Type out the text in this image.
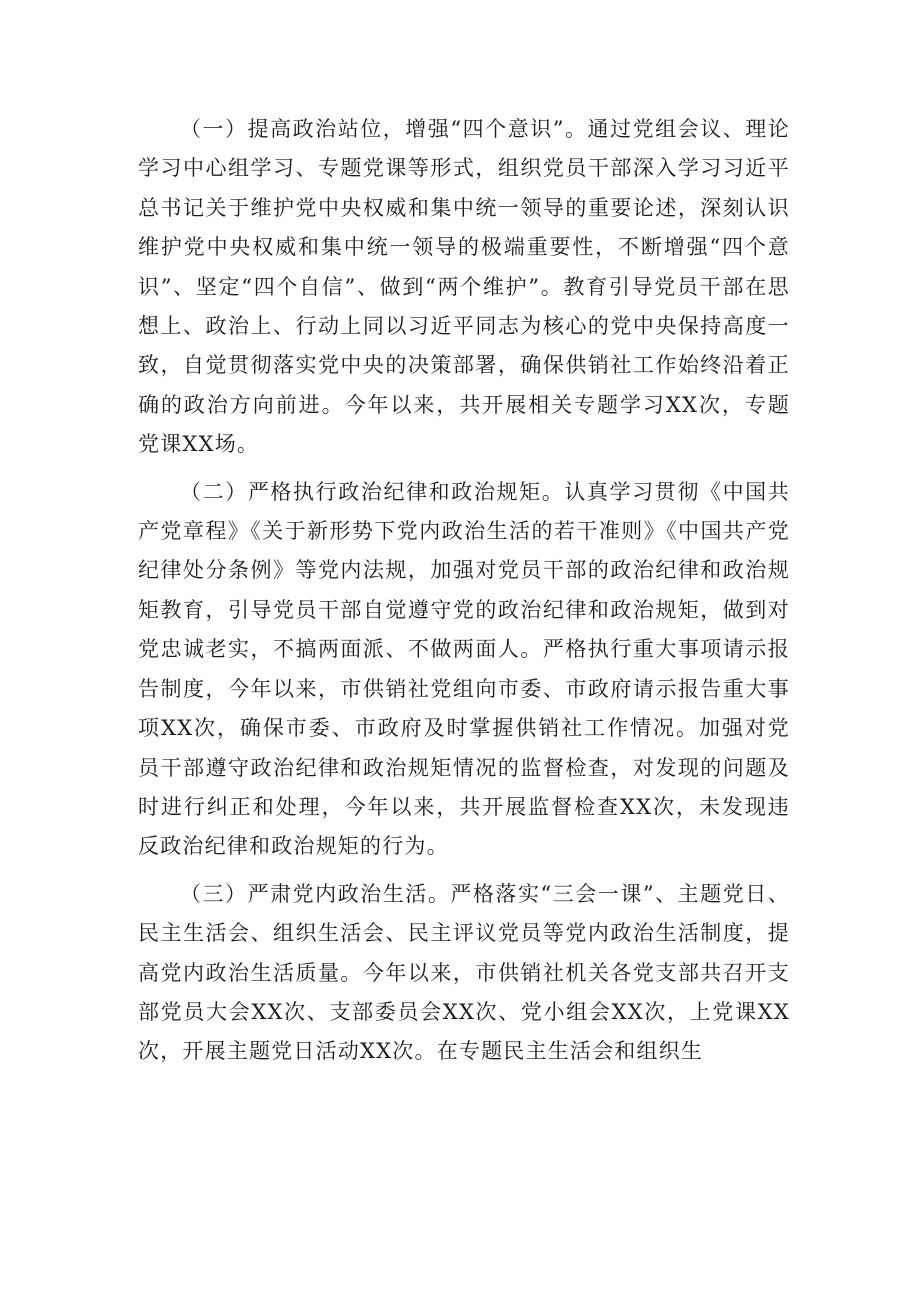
（一）提高政治站位，增强“四个意识”。通过党组会议、理论学习中心组学习、专题党课等形式，组织党员干部深入学习习近平总书记关于维护党中央权威和集中统一领导的重要论述，深刻认识维护党中央权威和集中统一领导的极端重要性，不断增强“四个意识”、坚定“四个自信”、做到“两个维护”。教育引导党员干部在思想上、政治上、行动上同以习近平同志为核心的党中央保持高度一致，自觉贯彻落实党中央的决策部署，确保供销社工作始终沿着正确的政治方向前进。今年以来，共开展相关专题学习XX次，专题党课XX场。

（二）严格执行政治纪律和政治规矩。认真学习贯彻《中国共产党章程》《关于新形势下党内政治生活的若干准则》《中国共产党纪律处分条例》等党内法规，加强对党员干部的政治纪律和政治规矩教育，引导党员干部自觉遵守党的政治纪律和政治规矩，做到对党忠诚老实，不搞两面派、不做两面人。严格执行重大事项请示报告制度，今年以来，市供销社党组向市委、市政府请示报告重大事项XX次，确保市委、市政府及时掌握供销社工作情况。加强对党员干部遵守政治纪律和政治规矩情况的监督检查，对发现的问题及时进行纠正和处理，今年以来，共开展监督检查XX次，未发现违反政治纪律和政治规矩的行为。

（三）严肃党内政治生活。严格落实“三会一课”、主题党日、民主生活会、组织生活会、民主评议党员等党内政治生活制度，提高党内政治生活质量。今年以来，市供销社机关各党支部共召开支部党员大会XX次、支部委员会XX次、党小组会XX次，上党课XX次，开展主题党日活动XX次。在专题民主生活会和组织生
